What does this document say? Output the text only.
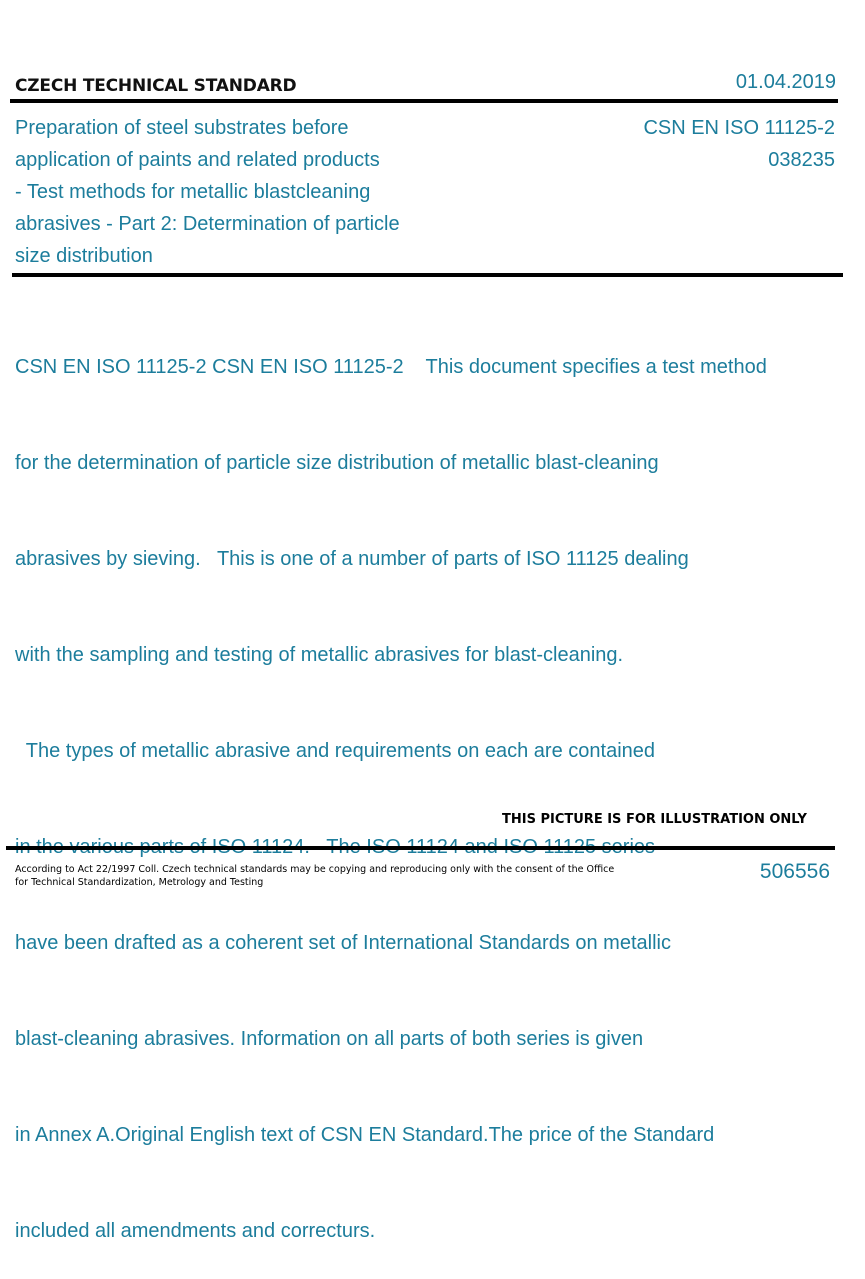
CZECH TECHNICAL STANDARD	01.04.2019
Preparation of steel substrates before
application of paints and related products
- Test methods for metallic blastcleaning
abrasives - Part 2: Determination of particle
size distribution
CSN EN ISO 11125-2
038235

CSN EN ISO 11125-2 CSN EN ISO 11125-2    This document specifies a test method

for the determination of particle size distribution of metallic blast-cleaning

abrasives by sieving.   This is one of a number of parts of ISO 11125 dealing

with the sampling and testing of metallic abrasives for blast-cleaning.

The types of metallic abrasive and requirements on each are contained

have been drafted as a coherent set of International Standards on metallic

blast-cleaning abrasives. Information on all parts of both series is given

in Annex A.Original English text of CSN EN Standard.The price of the Standard

included all amendments and correcturs.

THIS PICTURE IS FOR ILLUSTRATION ONLY
According to Act 22/1997 Coll. Czech technical standards may be copying and reproducing only with the consent of the Office
for Technical Standardization, Metrology and Testing	506556
